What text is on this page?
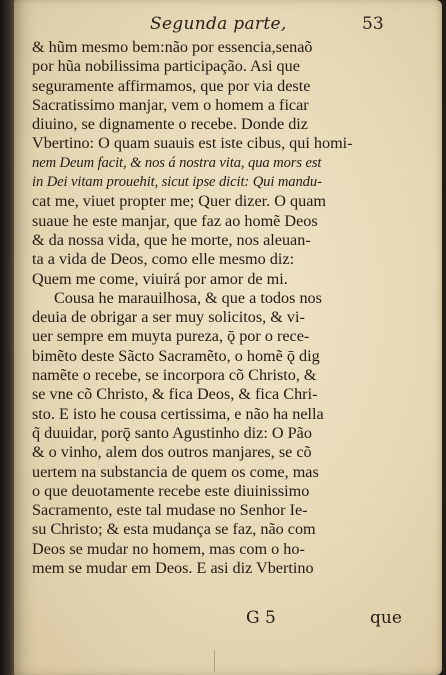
Segunda parte,	53
& hũm mesmo bem:não por essencia,senaõ
por hũa nobilissima participação. Asi que
seguramente affirmamos, que por via deste
Sacratissimo manjar, vem o homem a ficar
diuino, se dignamente o recebe. Donde diz
Vbertino: O quam suauis est iste cibus, qui homi-
nem Deum facit, & nos á nostra vita, qua mors est
in Dei vitam prouehit, sicut ipse dicit: Qui mandu-
cat me, viuet propter me; Quer dizer. O quam
suaue he este manjar, que faz ao homẽ Deos
& da nossa vida, que he morte, nos aleuan-
ta a vida de Deos, como elle mesmo diz:
Quem me come, viuirá por amor de mi.
Cousa he marauilhosa, & que a todos nos
deuia de obrigar a ser muy solicitos, & vi-
uer sempre em muyta pureza, ǭ por o rece-
bimẽto deste Sãcto Sacramẽto, o homẽ ǭ dig
namẽte o recebe, se incorpora cõ Christo, &
se vne cõ Christo, & fica Deos, & fica Chri-
sto. E isto he cousa certissima, e não ha nella
q̃ duuidar, porǭ santo Agustinho diz: O Pão
& o vinho, alem dos outros manjares, se cõ
uertem na substancia de quem os come, mas
o que deuotamente recebe este diuinissimo
Sacramento, este tal mudase no Senhor Ie-
su Christo; & esta mudança se faz, não com
Deos se mudar no homem, mas com o ho-
mem se mudar em Deos. E asi diz Vbertino
G 5	que
